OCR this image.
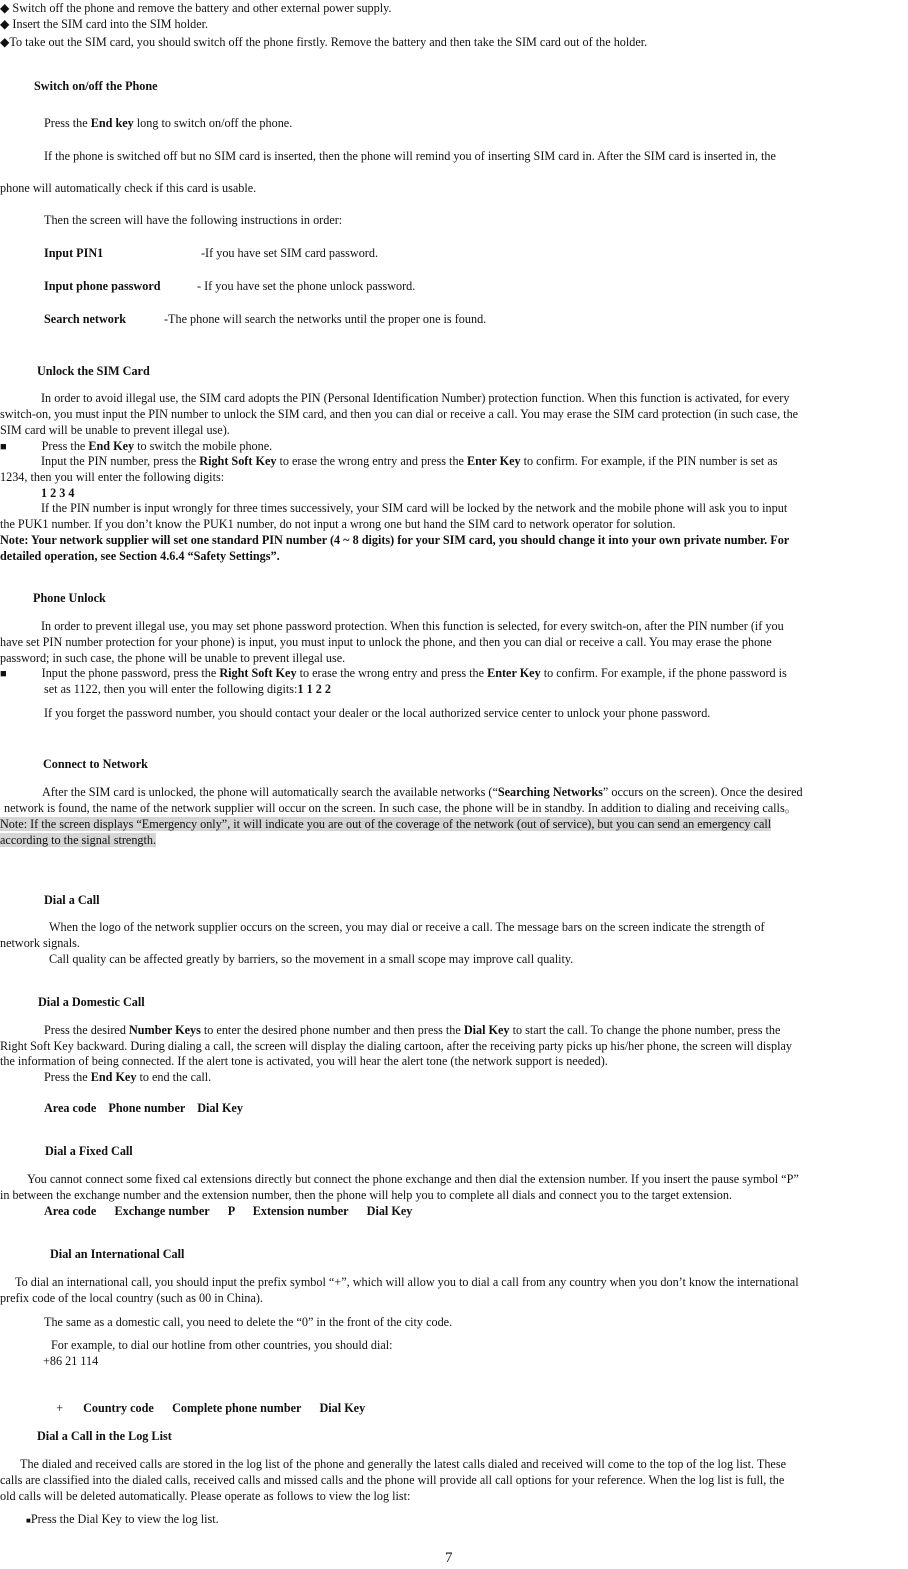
◆ Switch off the phone and remove the battery and other external power supply.
◆ Insert the SIM card into the SIM holder.
◆To take out the SIM card, you should switch off the phone firstly. Remove the battery and then take the SIM card out of the holder.
Switch on/off the Phone
Press the End key long to switch on/off the phone.
If the phone is switched off but no SIM card is inserted, then the phone will remind you of inserting SIM card in. After the SIM card is inserted in, the
phone will automatically check if this card is usable.
Then the screen will have the following instructions in order:
Input PIN1	-If you have set SIM card password.
Input phone password	- If you have set the phone unlock password.
Search network	-The phone will search the networks until the proper one is found.
Unlock the SIM Card
In order to avoid illegal use, the SIM card adopts the PIN (Personal Identification Number) protection function. When this function is activated, for every
switch-on, you must input the PIN number to unlock the SIM card, and then you can dial or receive a call. You may erase the SIM card protection (in such case, the
SIM card will be unable to prevent illegal use).
■	Press the End Key to switch the mobile phone.
Input the PIN number, press the Right Soft Key to erase the wrong entry and press the Enter Key to confirm. For example, if the PIN number is set as
1234, then you will enter the following digits:
1 2 3 4
If the PIN number is input wrongly for three times successively, your SIM card will be locked by the network and the mobile phone will ask you to input
the PUK1 number. If you don’t know the PUK1 number, do not input a wrong one but hand the SIM card to network operator for solution.
Note: Your network supplier will set one standard PIN number (4 ~ 8 digits) for your SIM card, you should change it into your own private number. For
detailed operation, see Section 4.6.4 “Safety Settings”.
Phone Unlock
In order to prevent illegal use, you may set phone password protection. When this function is selected, for every switch-on, after the PIN number (if you
have set PIN number protection for your phone) is input, you must input to unlock the phone, and then you can dial or receive a call. You may erase the phone
password; in such case, the phone will be unable to prevent illegal use.
■	Input the phone password, press the Right Soft Key to erase the wrong entry and press the Enter Key to confirm. For example, if the phone password is
set as 1122, then you will enter the following digits:1 1 2 2
If you forget the password number, you should contact your dealer or the local authorized service center to unlock your phone password.
Connect to Network
After the SIM card is unlocked, the phone will automatically search the available networks (“Searching Networks” occurs on the screen). Once the desired
network is found, the name of the network supplier will occur on the screen. In such case, the phone will be in standby. In addition to dialing and receiving calls。
Note: If the screen displays “Emergency only”, it will indicate you are out of the coverage of the network (out of service), but you can send an emergency call
according to the signal strength.
Dial a Call
When the logo of the network supplier occurs on the screen, you may dial or receive a call. The message bars on the screen indicate the strength of
network signals.
Call quality can be affected greatly by barriers, so the movement in a small scope may improve call quality.
Dial a Domestic Call
Press the desired Number Keys to enter the desired phone number and then press the Dial Key to start the call. To change the phone number, press the
Right Soft Key backward. During dialing a call, the screen will display the dialing cartoon, after the receiving party picks up his/her phone, the screen will display
the information of being connected. If the alert tone is activated, you will hear the alert tone (the network support is needed).
Press the End Key to end the call.
Area code    Phone number    Dial Key
Dial a Fixed Call
You cannot connect some fixed cal extensions directly but connect the phone exchange and then dial the extension number. If you insert the pause symbol “P”
in between the exchange number and the extension number, then the phone will help you to complete all dials and connect you to the target extension.
Area code      Exchange number      P      Extension number      Dial Key
Dial an International Call
To dial an international call, you should input the prefix symbol “+”, which will allow you to dial a call from any country when you don’t know the international
prefix code of the local country (such as 00 in China).
The same as a domestic call, you need to delete the “0” in the front of the city code.
For example, to dial our hotline from other countries, you should dial:
+86 21 114

+ Country code      Complete phone number      Dial Key

Dial a Call in the Log List
The dialed and received calls are stored in the log list of the phone and generally the latest calls dialed and received will come to the top of the log list. These
calls are classified into the dialed calls, received calls and missed calls and the phone will provide all call options for your reference. When the log list is full, the
old calls will be deleted automatically. Please operate as follows to view the log list:
■Press the Dial Key to view the log list.
7
